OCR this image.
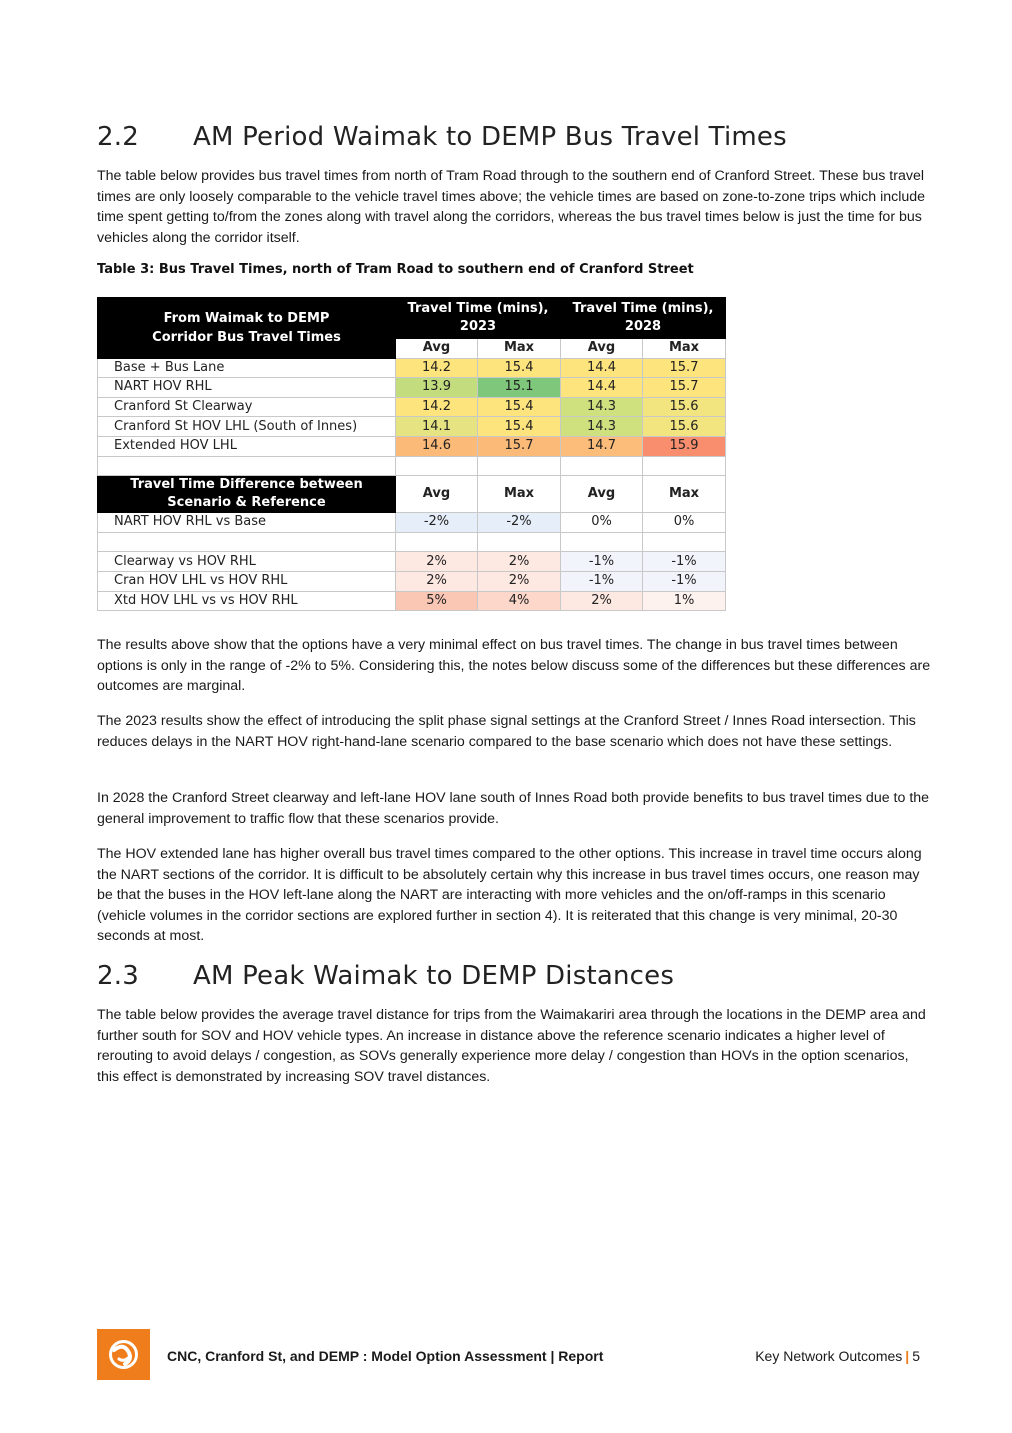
2.2 AM Period Waimak to DEMP Bus Travel Times

The table below provides bus travel times from north of Tram Road through to the southern end of Cranford Street. These bus travel times are only loosely comparable to the vehicle travel times above; the vehicle times are based on zone-to-zone trips which include time spent getting to/from the zones along with travel along the corridors, whereas the bus travel times below is just the time for bus vehicles along the corridor itself.

Table 3: Bus Travel Times, north of Tram Road to southern end of Cranford Street

From Waimak to DEMP Corridor Bus Travel Times	Travel Time (mins), 2023		Travel Time (mins), 2028	
	Avg	Max	Avg	Max
Base + Bus Lane	14.2	15.4	14.4	15.7
NART HOV RHL	13.9	15.1	14.4	15.7
Cranford St Clearway	14.2	15.4	14.3	15.6
Cranford St HOV LHL (South of Innes)	14.1	15.4	14.3	15.6
Extended HOV LHL	14.6	15.7	14.7	15.9

Travel Time Difference between Scenario & Reference	Avg	Max	Avg	Max
NART HOV RHL vs Base	-2%	-2%	0%	0%

Clearway vs HOV RHL	2%	2%	-1%	-1%
Cran HOV LHL vs HOV RHL	2%	2%	-1%	-1%
Xtd HOV LHL vs vs HOV RHL	5%	4%	2%	1%

The results above show that the options have a very minimal effect on bus travel times. The change in bus travel times between options is only in the range of -2% to 5%. Considering this, the notes below discuss some of the differences but these differences are outcomes are marginal.

The 2023 results show the effect of introducing the split phase signal settings at the Cranford Street / Innes Road intersection. This reduces delays in the NART HOV right-hand-lane scenario compared to the base scenario which does not have these settings.

In 2028 the Cranford Street clearway and left-lane HOV lane south of Innes Road both provide benefits to bus travel times due to the general improvement to traffic flow that these scenarios provide.

The HOV extended lane has higher overall bus travel times compared to the other options. This increase in travel time occurs along the NART sections of the corridor. It is difficult to be absolutely certain why this increase in bus travel times occurs, one reason may be that the buses in the HOV left-lane along the NART are interacting with more vehicles and the on/off-ramps in this scenario (vehicle volumes in the corridor sections are explored further in section 4). It is reiterated that this change is very minimal, 20-30 seconds at most.

2.3 AM Peak Waimak to DEMP Distances

The table below provides the average travel distance for trips from the Waimakariri area through the locations in the DEMP area and further south for SOV and HOV vehicle types. An increase in distance above the reference scenario indicates a higher level of rerouting to avoid delays / congestion, as SOVs generally experience more delay / congestion than HOVs in the option scenarios, this effect is demonstrated by increasing SOV travel distances.

CNC, Cranford St, and DEMP : Model Option Assessment | Report	Key Network Outcomes | 5
